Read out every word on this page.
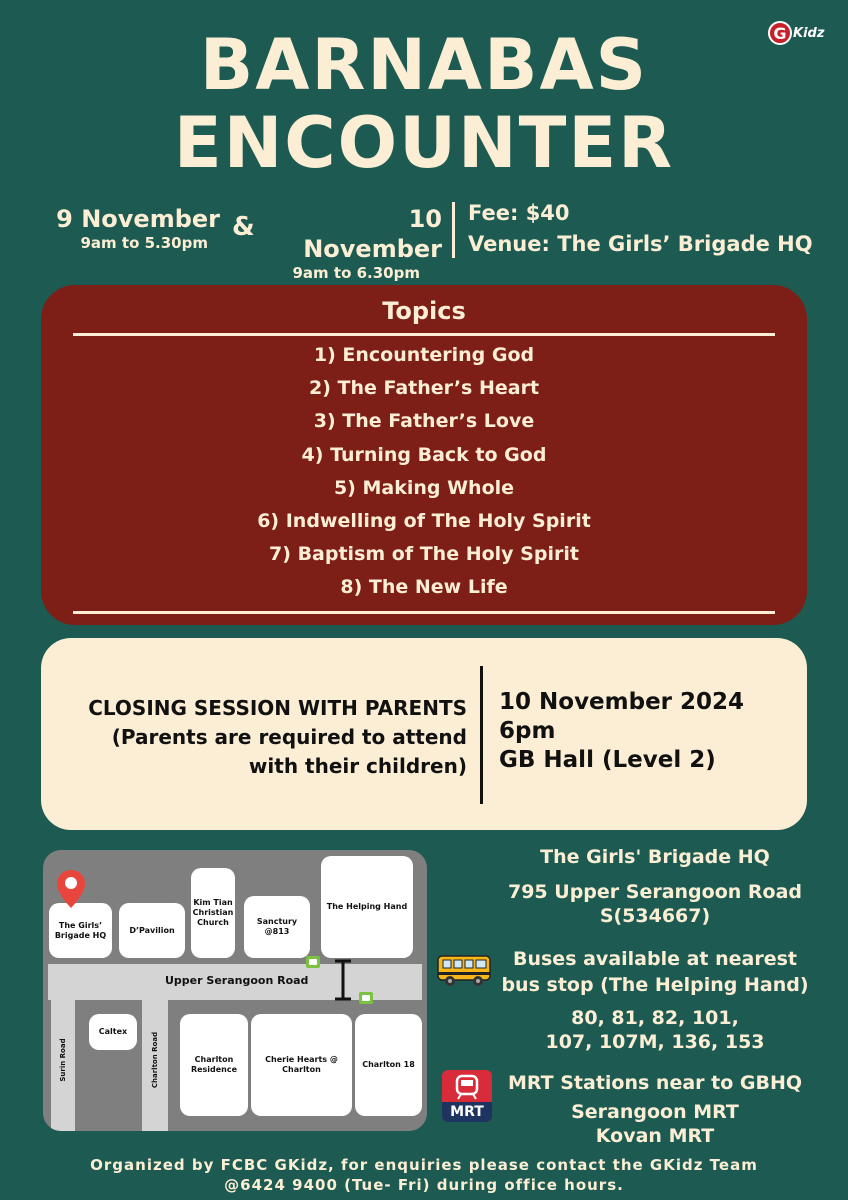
G Kidz
BARNABAS
ENCOUNTER
9 November
9am to 5.30pm
&	10 November
9am to 6.30pm
Fee: $40
Venue: The Girls’ Brigade HQ
Topics
1) Encountering God
2) The Father’s Heart
3) The Father’s Love
4) Turning Back to God
5) Making Whole
6) Indwelling of The Holy Spirit
7) Baptism of The Holy Spirit
8) The New Life
CLOSING SESSION WITH PARENTS
(Parents are required to attend
with their children)
10 November 2024
6pm
GB Hall (Level 2)
The Girls’ Brigade HQ
D’Pavilion
Kim Tian Christian Church	Sanctury @813
The Helping Hand
Upper Serangoon Road
Caltex
Surin Road	Charlton Road	Charlton Residence
Cherie Hearts @ Charlton
Charlton 18
The Girls' Brigade HQ
795 Upper Serangoon Road
S(534667)
Buses available at nearest
bus stop (The Helping Hand)
80, 81, 82, 101,
107, 107M, 136, 153
MRT Stations near to GBHQ
Serangoon MRT
Kovan MRT
MRT
Organized by FCBC GKidz, for enquiries please contact the GKidz Team
@6424 9400 (Tue- Fri) during office hours.
